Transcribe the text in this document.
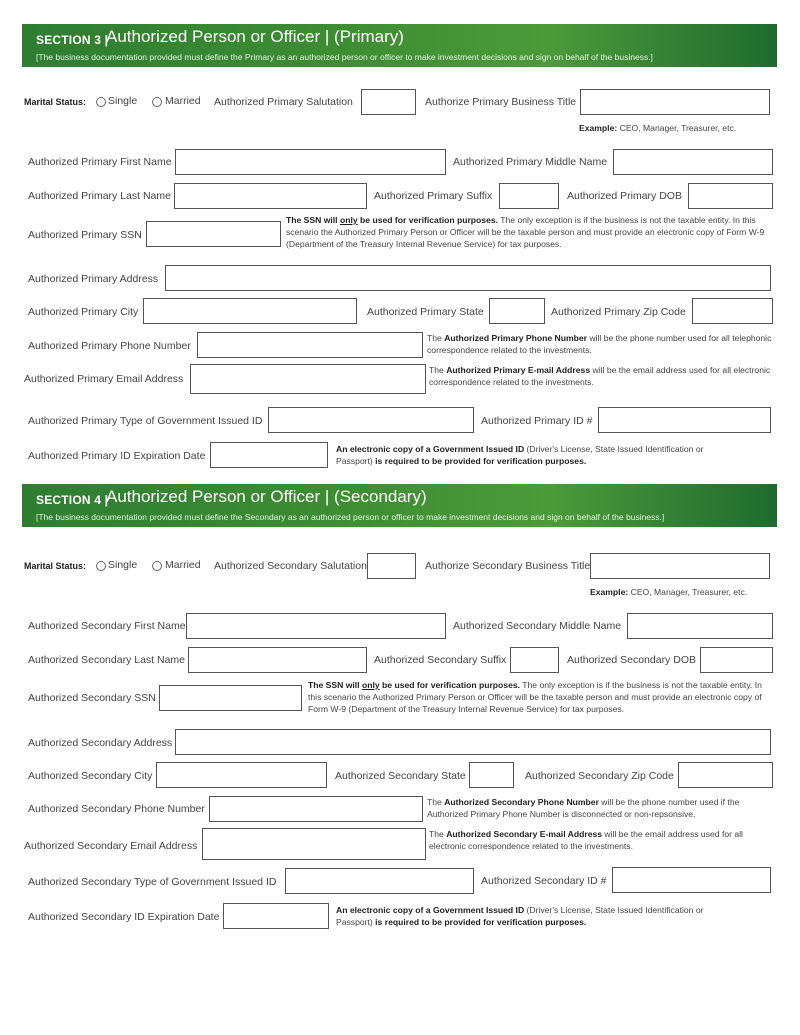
SECTION 3 |
Authorized Person or Officer | (Primary)
[The business documentation provided must define the Primary as an authorized person or officer to make investment decisions and sign on behalf of the business.]
Marital Status: Single	Married Authorized Primary Salutation	Authorize Primary Business Title
Example: CEO, Manager, Treasurer, etc.
Authorized Primary First Name	Authorized Primary Middle Name
Authorized Primary Last Name	Authorized Primary Suffix	Authorized Primary DOB
Authorized Primary SSN
The SSN will only be used for verification purposes. The only exception is if the business is not the taxable entity. In this scenario the Authorized Primary Person or Officer will be the taxable person and must provide an electronic copy of Form W-9 (Department of the Treasury Internal Revenue Service) for tax purposes.
Authorized Primary Address
Authorized Primary City	Authorized Primary State	Authorized Primary Zip Code
Authorized Primary Phone Number
The Authorized Primary Phone Number will be the phone number used for all telephonic correspondence related to the investments.
Authorized Primary Email Address
The Authorized Primary E-mail Address will be the email address used for all electronic correspondence related to the investments.
Authorized Primary Type of Government Issued ID	Authorized Primary ID #
Authorized Primary ID Expiration Date
An electronic copy of a Government Issued ID (Driver's License, State Issued Identification or Passport) is required to be provided for verification purposes.
SECTION 4 |
Authorized Person or Officer | (Secondary)
[The business documentation provided must define the Secondary as an authorized person or officer to make investment decisions and sign on behalf of the business.]
Marital Status: Single	Married Authorized Secondary Salutation	Authorize Secondary Business Title
Example: CEO, Manager, Treasurer, etc.
Authorized Secondary First Name	Authorized Secondary Middle Name
Authorized Secondary Last Name	Authorized Secondary Suffix	Authorized Secondary DOB
Authorized Secondary SSN
The SSN will only be used for verification purposes. The only exception is if the business is not the taxable entity. In this scenario the Authorized Primary Person or Officer will be the taxable person and must provide an electronic copy of Form W-9 (Department of the Treasury Internal Revenue Service) for tax purposes.
Authorized Secondary Address
Authorized Secondary City	Authorized Secondary State	Authorized Secondary Zip Code
Authorized Secondary Phone Number
The Authorized Secondary Phone Number will be the phone number used if the Authorized Primary Phone Number is disconnected or non-repsonsive.
Authorized Secondary Email Address
The Authorized Secondary E-mail Address will be the email address used for all electronic correspondence related to the investments.
Authorized Secondary Type of Government Issued ID	Authorized Secondary ID #
Authorized Secondary ID Expiration Date
An electronic copy of a Government Issued ID (Driver's License, State Issued Identification or Passport) is required to be provided for verification purposes.
